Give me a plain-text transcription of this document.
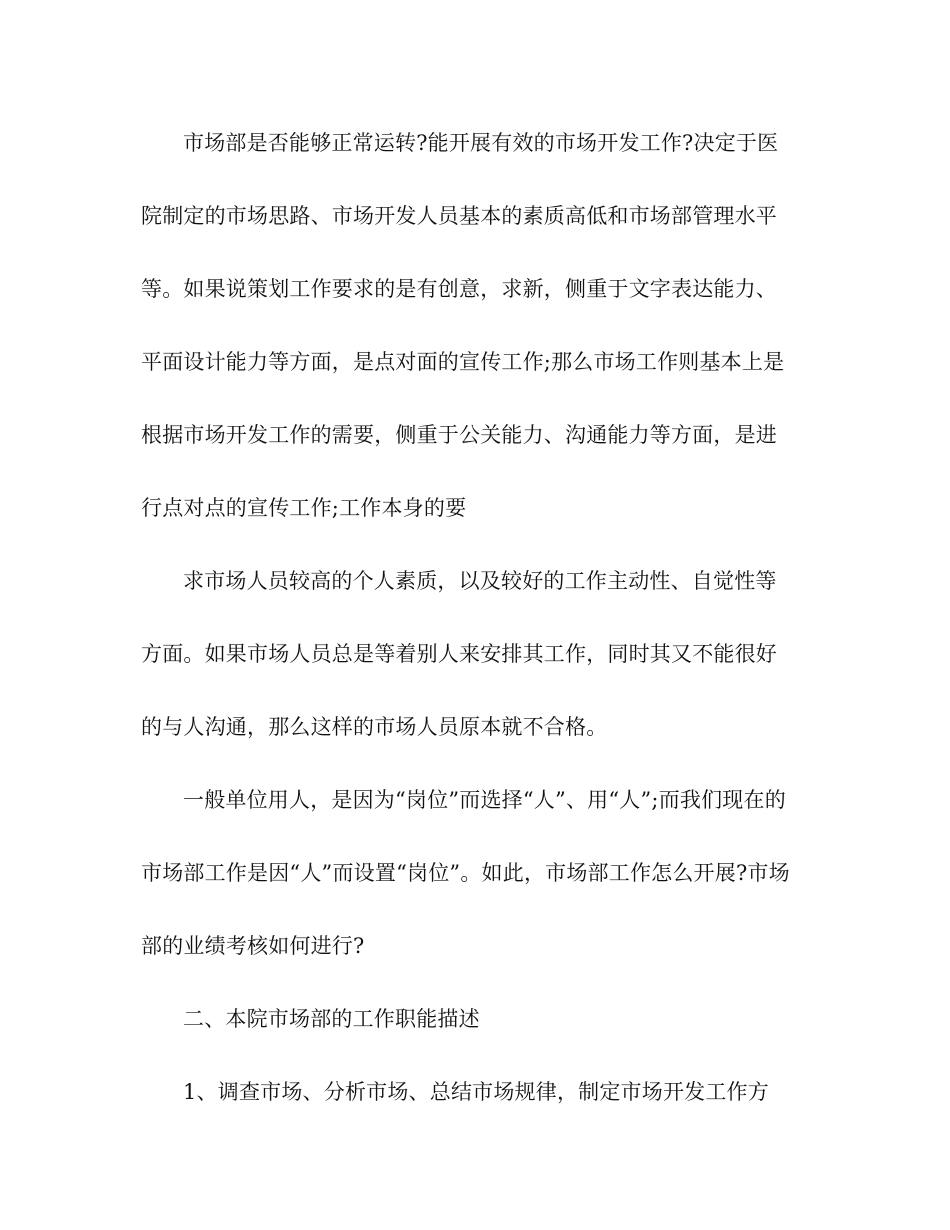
市场部是否能够正常运转?能开展有效的市场开发工作?决定于医
院制定的市场思路、市场开发人员基本的素质高低和市场部管理水平
等。如果说策划工作要求的是有创意，求新，侧重于文字表达能力、
平面设计能力等方面，是点对面的宣传工作;那么市场工作则基本上是
根据市场开发工作的需要，侧重于公关能力、沟通能力等方面，是进
行点对点的宣传工作;工作本身的要
求市场人员较高的个人素质，以及较好的工作主动性、自觉性等
方面。如果市场人员总是等着别人来安排其工作，同时其又不能很好
的与人沟通，那么这样的市场人员原本就不合格。
一般单位用人，是因为“岗位”而选择“人”、用“人”;而我们现在的
市场部工作是因“人”而设置“岗位”。如此，市场部工作怎么开展?市场
部的业绩考核如何进行?
二、本院市场部的工作职能描述
1、调查市场、分析市场、总结市场规律，制定市场开发工作方
